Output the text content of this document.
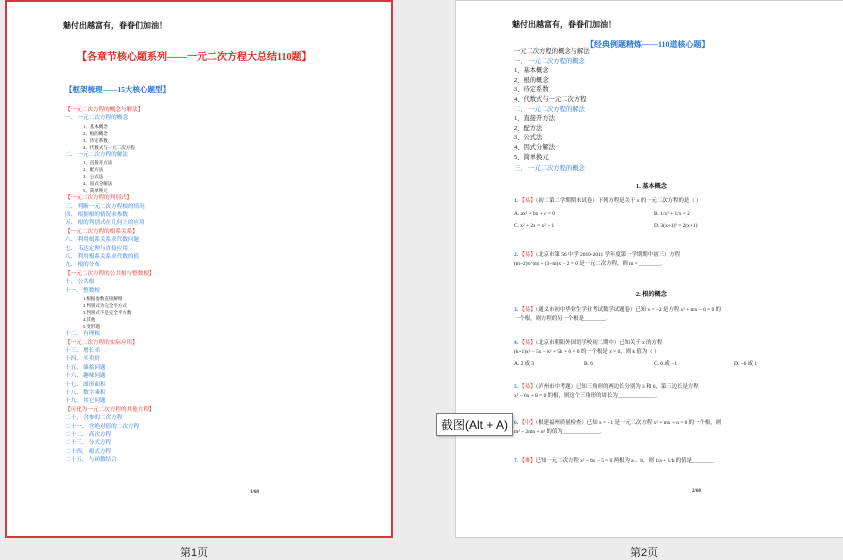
魅付出越富有，眷眷们加油！
【各章节核心题系列——一元二次方程大总结110题】
【框架梳理——15大核心题型】
【一元二次方程的概念与解法】
一、 一元二次方程的概念
1、基本概念
2、根的概念
3、待定系数
4、代数式与一元二次方程
二、 一元二次方程的解法
1、直接开方法
2、配方法
3、公式法
4、因式分解法
5、简单换元
【一元二次方程的判别式】
三、 判断一元二次方程根的情况
四、 根据根的情况求参数
五、 根的判别式在几何上的应用
【一元二次方程的根系关系】
六、 利用根系关系求代数问题
七、 韦达定理与直接应用
八、 利用根系关系求代数的值
九、 根的分布
【一元二次方程的公共根与整数根】
十、 公共根
十一、 整数根
1.根据参数直接解根
2.判别式为完全平方式
3.判别式不是完全平方数
4.其他
5.变形题
十二、 有理根
【一元二次方程的实际应用】
十三、 增长率
十四、 买卖价
十五、 储蓄问题
十六、 趣味问题
十七、 图形面积
十八、 数字乘积
十九、 其它问题
【可化为一元二次方程的其他方程】
二十、 含参的二次方程
二十一、 含绝对值的二次方程
二十二、 高次方程
二十三、 分式方程
二十四、 根式方程
二十五、 与函数结合
1/68
魅付出越富有，眷眷们加油！
【经典例题精炼——110道核心题】
一元二次方程的概念与解法
一、 一元二次方程的概念
1、基本概念
2、根的概念
3、待定系数
4、代数式与一元二次方程
二、 一元二次方程的解法
1、直接开方法
2、配方法
3、公式法
4、因式分解法
5、简单换元
三、 一元二次方程的概念
1. 基本概念
1. 【易】（初二第二学期期末试卷）下列方程是关于 x 的一元二次方程的是（ ）
A. ax² + bx + c = 0	B. 1/x² + 1/x = 2
C. x² + 2x = x² − 1	D. 3(x+1)² = 2(x+1)
2. 【易】（北京市第 56 中学 2010-2011 学年度第一学期期中初三）方程
(m−2)x^|m| + (3−m)x − 2 = 0 是一元二次方程，则 m = ________.
2. 根的概念
3. 【易】（通义市初中毕业生学业考试数学试题卷）已知 x = −2 是方程 x² + mx − 6 = 0 的
一个根，则方程的另一个根是________.
4. 【易】（北京市朝阳外国语学校初二期中）已知关于 x 的方程
(k+1)x² − 5x − k² + 5k + 6 = 0 的一个根是 x = 0，则 k 值为（ ）
A. 2 或 3	B. 6	C. 6 或 −1	D. −6 或 1
5. 【易】（泸州市中考题）已知三角形的两边长分别为 3 和 6，第三边长是方程
x² − 6x + 8 = 0 的根，则这个三角形的周长为______________.
6. 【中】（根建福州质量检查）已知 x = −1 是一元二次方程 x² + mx + n = 0 的一个根，则
m² − 2mn + n² 的值为______________.
7. 【难】已知一元二次方程 x² − 6x − 5 = 0 两根为 a 、b，则 1/a + 1/b 的值是________
2/68
截图(Alt + A)
第1页	第2页
